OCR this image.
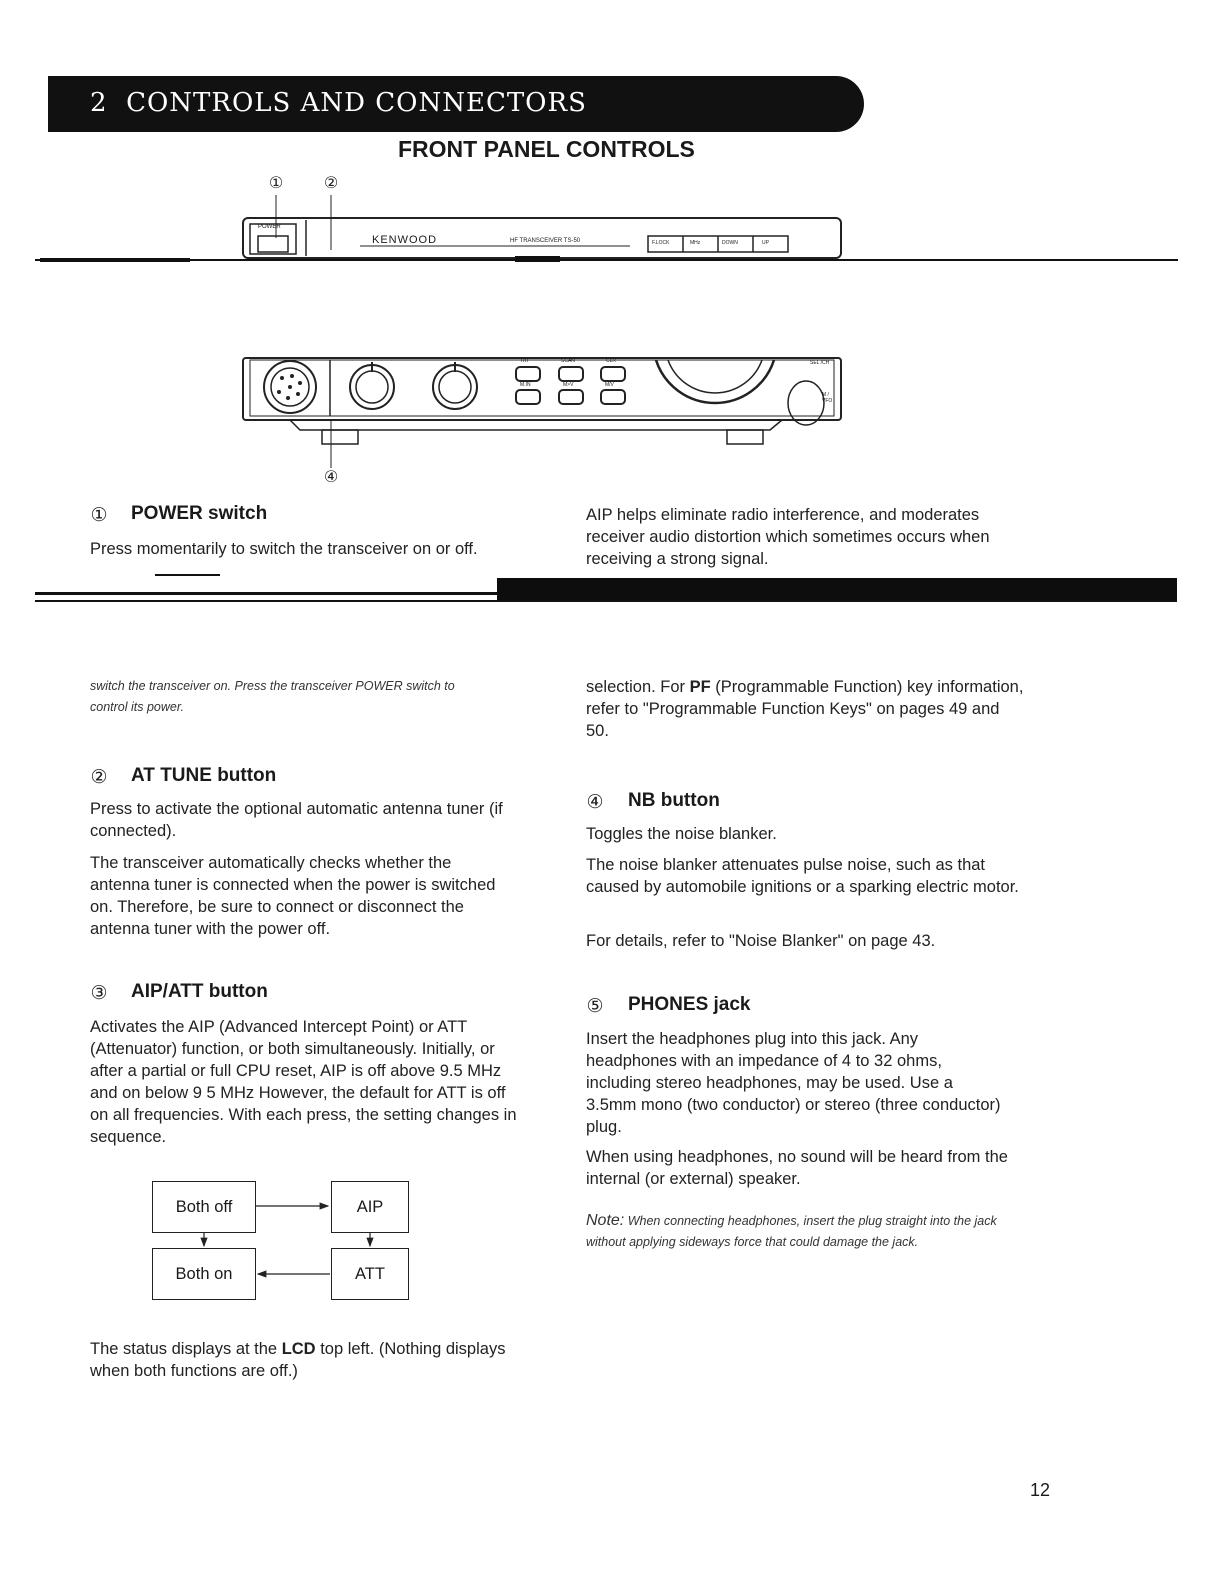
2 CONTROLS AND CONNECTORS
FRONT PANEL CONTROLS
①	②
④
POWER
KENWOOD	HF TRANSCEIVER TS-50	F.LOCK	MHz	DOWN	UP
RIT	SCAN	CLR
M.IN	M>V	M/V
SEL /CH
M / VFO
① POWER switch
Press momentarily to switch the transceiver on or off.
AIP helps eliminate radio interference, and moderates receiver audio distortion which sometimes occurs when receiving a strong signal.
switch the transceiver on. Press the transceiver POWER switch to
control its power.
selection. For PF (Programmable Function) key information, refer to "Programmable Function Keys" on pages 49 and 50.
② AT TUNE button
Press to activate the optional automatic antenna tuner (if connected).
The transceiver automatically checks whether the antenna tuner is connected when the power is switched on. Therefore, be sure to connect or disconnect the antenna tuner with the power off.
④ NB button
Toggles the noise blanker.
The noise blanker attenuates pulse noise, such as that caused by automobile ignitions or a sparking electric motor.
For details, refer to "Noise Blanker" on page 43.
③ AIP/ATT button
Activates the AIP (Advanced Intercept Point) or ATT (Attenuator) function, or both simultaneously. Initially, or after a partial or full CPU reset, AIP is off above 9.5 MHz and on below 9 5 MHz However, the default for ATT is off on all frequencies. With each press, the setting changes in sequence.
⑤ PHONES jack
Insert the headphones plug into this jack. Any headphones with an impedance of 4 to 32 ohms, including stereo headphones, may be used. Use a 3.5mm mono (two conductor) or stereo (three conductor) plug.
When using headphones, no sound will be heard from the internal (or external) speaker.
Note: When connecting headphones, insert the plug straight into the jack without applying sideways force that could damage the jack.
Both off	AIP
Both on	ATT
The status displays at the LCD top left. (Nothing displays when both functions are off.)
12
